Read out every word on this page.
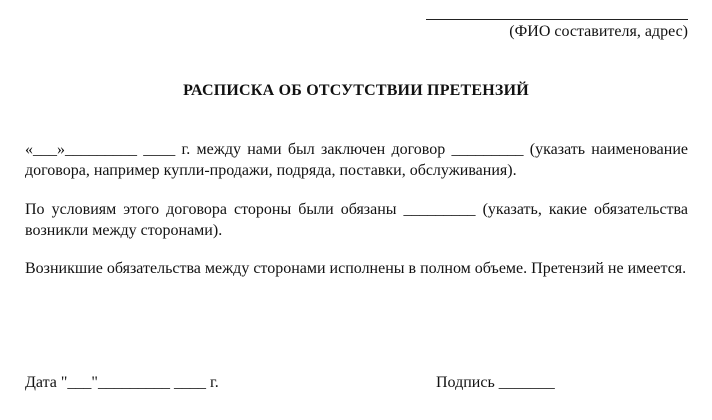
(ФИО составителя, адрес)
РАСПИСКА ОБ ОТСУТСТВИИ ПРЕТЕНЗИЙ
«___»_________ ____ г. между нами был заключен договор _________ (указать наименование договора, например купли-продажи, подряда, поставки, обслуживания).
По условиям этого договора стороны были обязаны _________ (указать, какие обязательства возникли между сторонами).
Возникшие обязательства между сторонами исполнены в полном объеме. Претензий не имеется.
Дата "___"_________ ____ г.	Подпись _______
